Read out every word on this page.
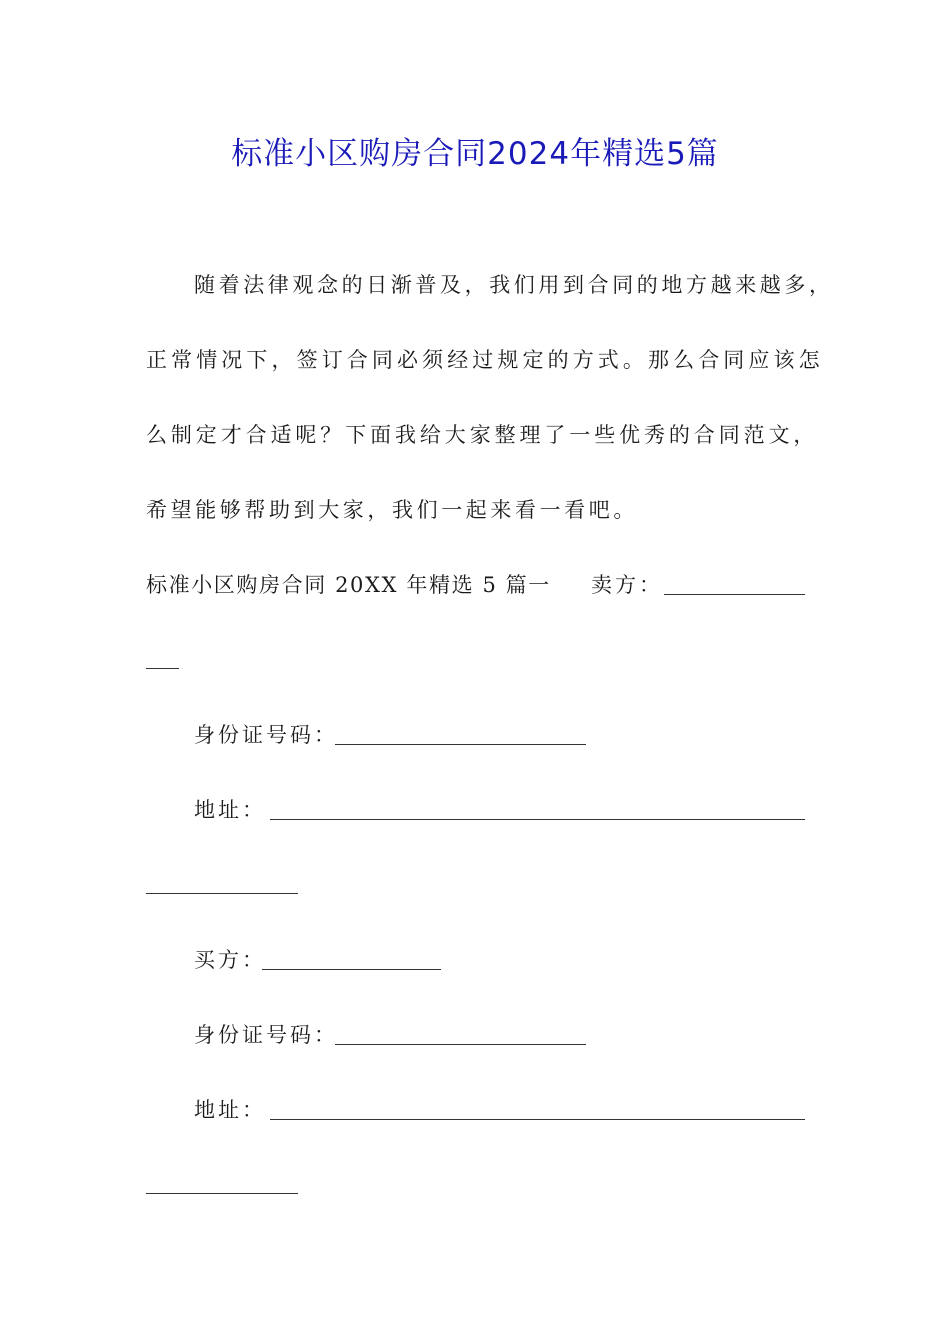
标准小区购房合同2024年精选5篇
随着法律观念的日渐普及，我们用到合同的地方越来越多，
正常情况下，签订合同必须经过规定的方式。那么合同应该怎
么制定才合适呢？下面我给大家整理了一些优秀的合同范文，
希望能够帮助到大家，我们一起来看一看吧。
标准小区购房合同 20XX 年精选 5 篇一 卖方：
身份证号码：
地址：
买方：
身份证号码：
地址：
